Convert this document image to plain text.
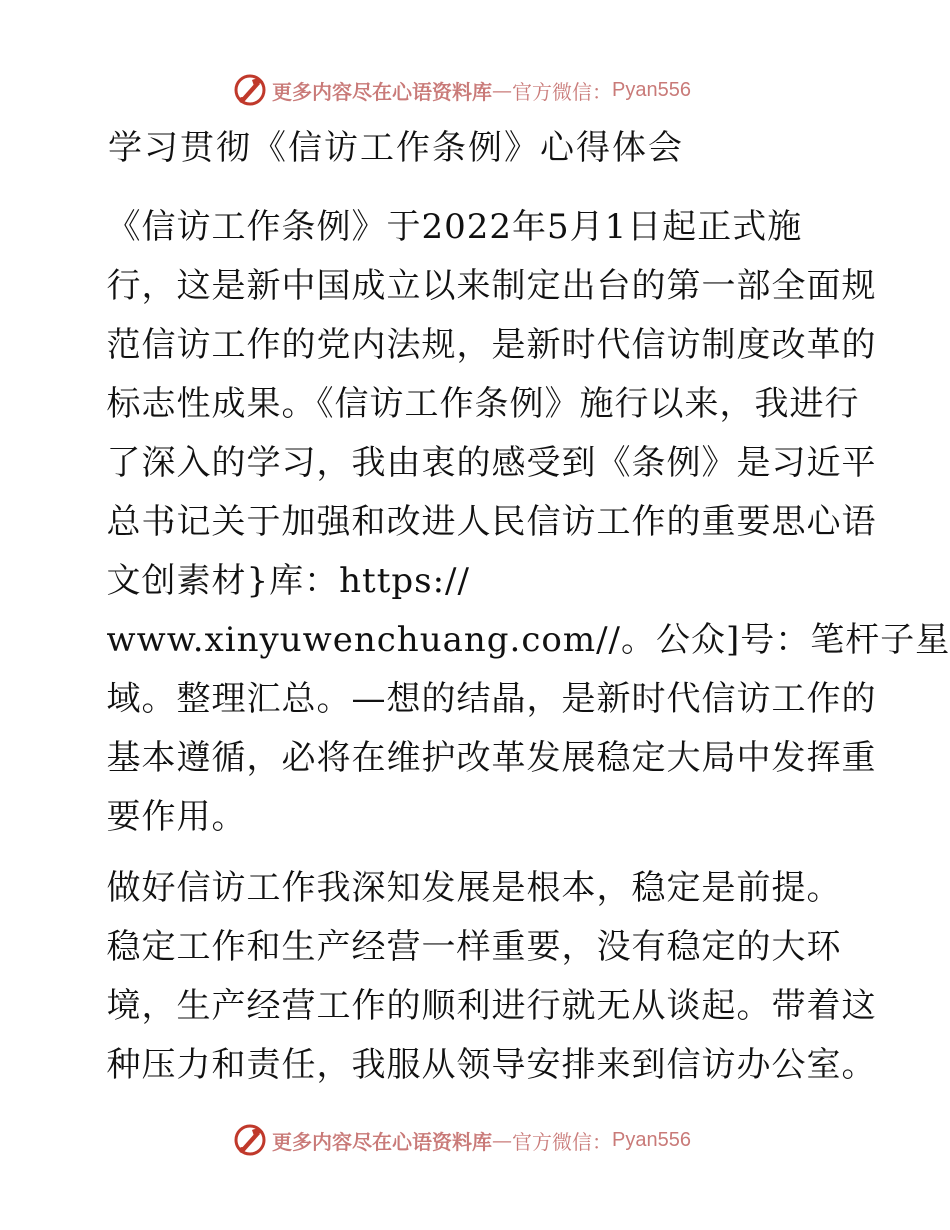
更多内容尽在心语资料库 — 官方微信： Pyan556
学习贯彻《信访工作条例》心得体会
《信访工作条例》于2022年5月1日起正式施
行，这是新中国成立以来制定出台的第一部全面规
范信访工作的党内法规，是新时代信访制度改革的
标志性成果。《信访工作条例》施行以来，我进行
了深入的学习，我由衷的感受到《条例》是习近平
总书记关于加强和改进人民信访工作的重要思心语
文创素材}库：https://
www.xinyuwenchuang.com//。公众]号：笔杆子星
域。整理汇总。—想的结晶，是新时代信访工作的
基本遵循，必将在维护改革发展稳定大局中发挥重
要作用。
做好信访工作我深知发展是根本，稳定是前提。
稳定工作和生产经营一样重要，没有稳定的大环
境，生产经营工作的顺利进行就无从谈起。带着这
种压力和责任，我服从领导安排来到信访办公室。
更多内容尽在心语资料库 — 官方微信： Pyan556
